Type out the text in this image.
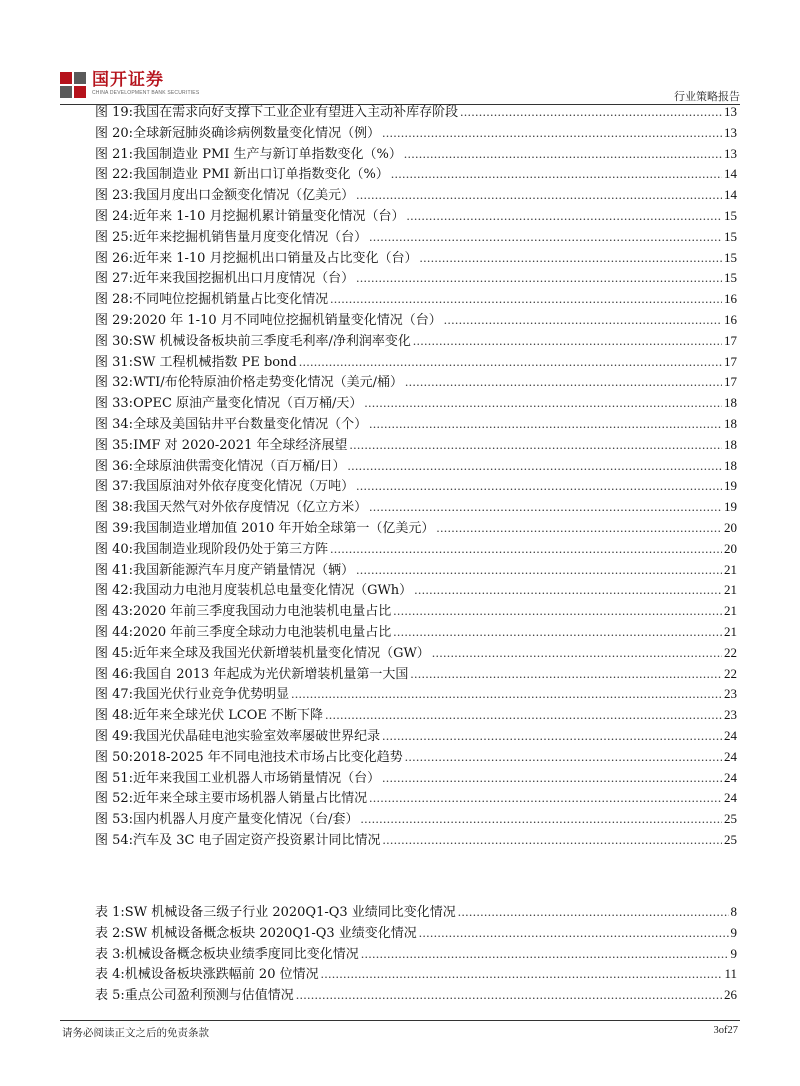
国开证券
CHINA DEVELOPMENT BANK SECURITIES	行业策略报告
图 19: 我国在需求向好支撑下工业企业有望进入主动补库存阶段 .....	13
图 20: 全球新冠肺炎确诊病例数量变化情况（例） .....	13
图 21: 我国制造业 PMI 生产与新订单指数变化（%） .....	13
图 22: 我国制造业 PMI 新出口订单指数变化（%） .....	14
图 23: 我国月度出口金额变化情况（亿美元） .....	14
图 24: 近年来 1-10 月挖掘机累计销量变化情况（台） .....	15
图 25: 近年来挖掘机销售量月度变化情况（台） .....	15
图 26: 近年来 1-10 月挖掘机出口销量及占比变化（台） .....	15
图 27: 近年来我国挖掘机出口月度情况（台） .....	15
图 28: 不同吨位挖掘机销量占比变化情况 .....	16
图 29: 2020 年 1-10 月不同吨位挖掘机销量变化情况（台） .....	16
图 30: SW 机械设备板块前三季度毛利率/净利润率变化 .....	17
图 31: SW 工程机械指数 PE bond .....	17
图 32: WTI/布伦特原油价格走势变化情况（美元/桶） .....	17
图 33: OPEC 原油产量变化情况（百万桶/天） .....	18
图 34: 全球及美国钻井平台数量变化情况（个） .....	18
图 35: IMF 对 2020-2021 年全球经济展望 .....	18
图 36: 全球原油供需变化情况（百万桶/日） .....	18
图 37: 我国原油对外依存度变化情况（万吨） .....	19
图 38: 我国天然气对外依存度情况（亿立方米） .....	19
图 39: 我国制造业增加值 2010 年开始全球第一（亿美元） .....	20
图 40: 我国制造业现阶段仍处于第三方阵 .....	20
图 41: 我国新能源汽车月度产销量情况（辆） .....	21
图 42: 我国动力电池月度装机总电量变化情况（GWh） .....	21
图 43: 2020 年前三季度我国动力电池装机电量占比 .....	21
图 44: 2020 年前三季度全球动力电池装机电量占比 .....	21
图 45: 近年来全球及我国光伏新增装机量变化情况（GW） .....	22
图 46: 我国自 2013 年起成为光伏新增装机量第一大国 .....	22
图 47: 我国光伏行业竞争优势明显 .....	23
图 48: 近年来全球光伏 LCOE 不断下降 .....	23
图 49: 我国光伏晶硅电池实验室效率屡破世界纪录 .....	24
图 50: 2018-2025 年不同电池技术市场占比变化趋势 .....	24
图 51: 近年来我国工业机器人市场销量情况（台） .....	24
图 52: 近年来全球主要市场机器人销量占比情况 .....	24
图 53: 国内机器人月度产量变化情况（台/套） .....	25
图 54: 汽车及 3C 电子固定资产投资累计同比情况 .....	25
表 1: SW 机械设备三级子行业 2020Q1-Q3 业绩同比变化情况 .....	8
表 2: SW 机械设备概念板块 2020Q1-Q3 业绩变化情况 .....	9
表 3: 机械设备概念板块业绩季度同比变化情况 .....	9
表 4: 机械设备板块涨跌幅前 20 位情况 .....	11
表 5: 重点公司盈利预测与估值情况 .....	26
请务必阅读正文之后的免责条款	3of27
